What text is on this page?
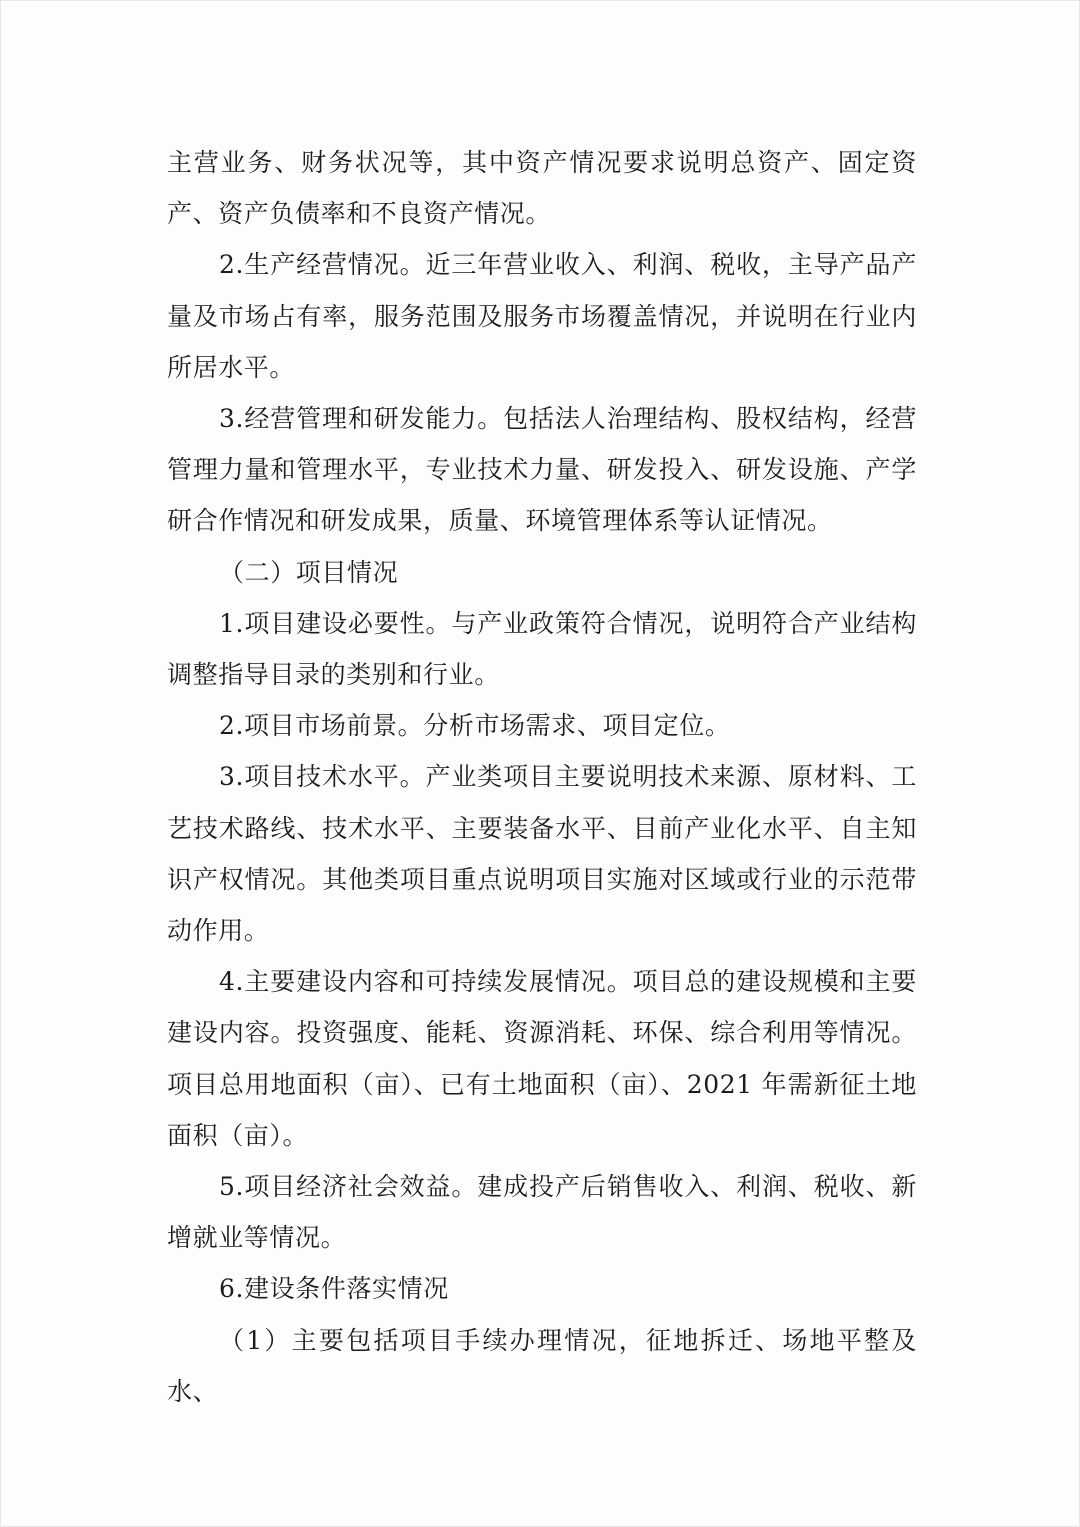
主营业务、财务状况等，其中资产情况要求说明总资产、固定资产、资产负债率和不良资产情况。

2.生产经营情况。近三年营业收入、利润、税收，主导产品产量及市场占有率，服务范围及服务市场覆盖情况，并说明在行业内所居水平。

3.经营管理和研发能力。包括法人治理结构、股权结构，经营管理力量和管理水平，专业技术力量、研发投入、研发设施、产学研合作情况和研发成果，质量、环境管理体系等认证情况。

（二）项目情况

1.项目建设必要性。与产业政策符合情况，说明符合产业结构调整指导目录的类别和行业。

2.项目市场前景。分析市场需求、项目定位。

3.项目技术水平。产业类项目主要说明技术来源、原材料、工艺技术路线、技术水平、主要装备水平、目前产业化水平、自主知识产权情况。其他类项目重点说明项目实施对区域或行业的示范带动作用。

4.主要建设内容和可持续发展情况。项目总的建设规模和主要建设内容。投资强度、能耗、资源消耗、环保、综合利用等情况。项目总用地面积（亩）、已有土地面积（亩）、2021 年需新征土地面积（亩）。

5.项目经济社会效益。建成投产后销售收入、利润、税收、新增就业等情况。

6.建设条件落实情况

（1）主要包括项目手续办理情况，征地拆迁、场地平整及水、
